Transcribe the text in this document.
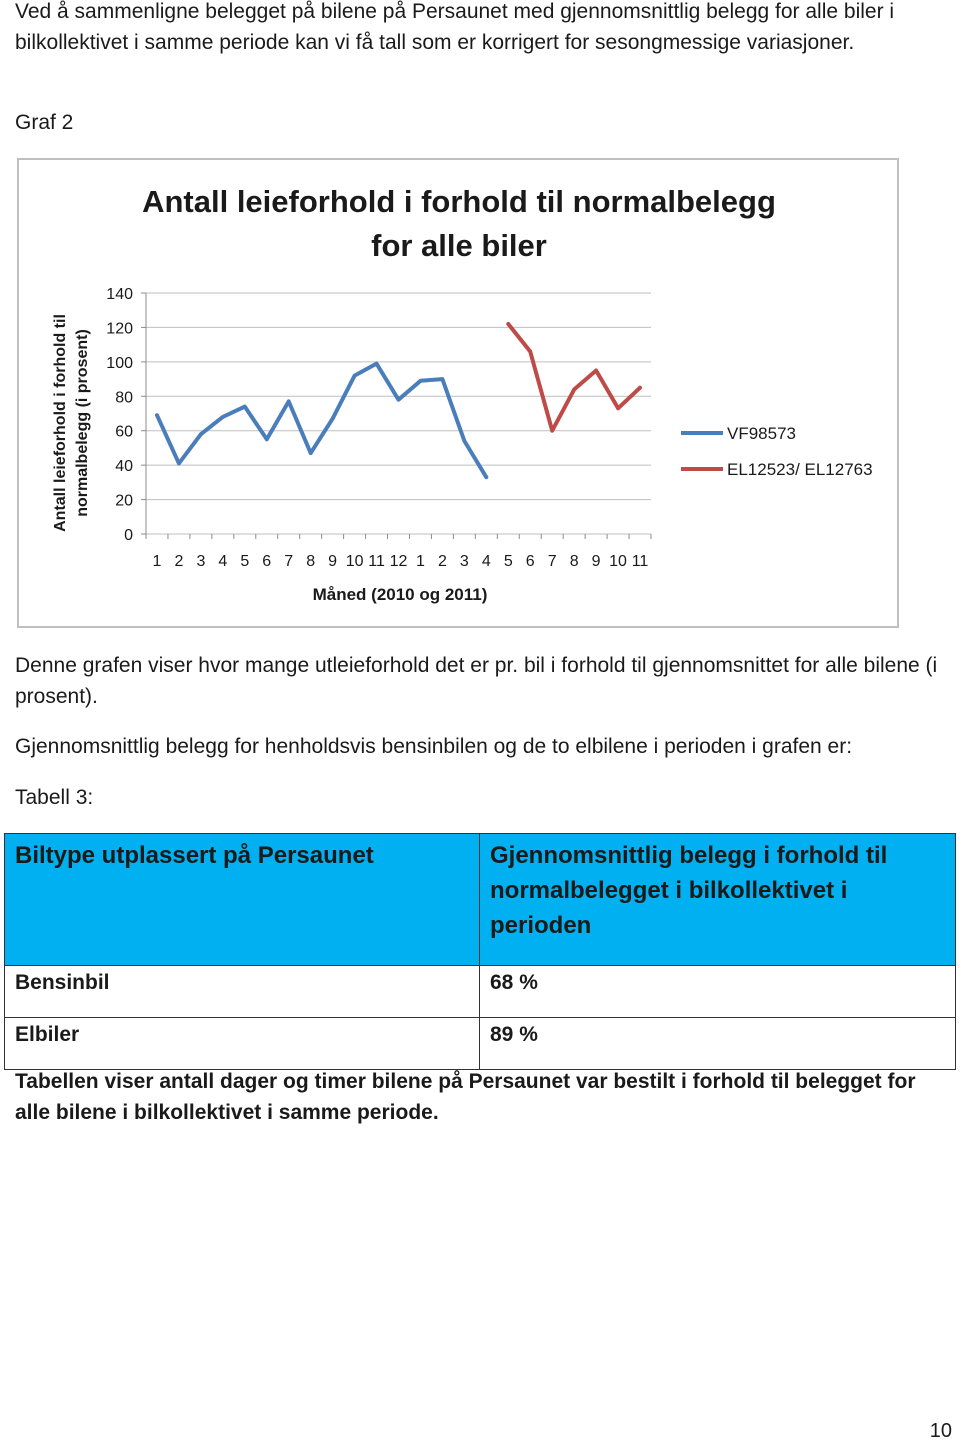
Ved å sammenligne belegget på bilene på Persaunet med gjennomsnittlig belegg for alle biler i bilkollektivet i samme periode kan vi få tall som er korrigert for sesongmessige variasjoner.
Graf 2
Antall leieforhold i forhold til normalbelegg
for alle biler
Antall leieforhold i forhold til normalbelegg (i prosent)
0
20
40
60
80
100
120
140
1 2 3 4 5 6 7 8 9 10 11 12 1 2 3 4 5 6 7 8 9 10 11
Måned (2010 og 2011)
VF98573
EL12523/ EL12763
Denne grafen viser hvor mange utleieforhold det er pr. bil i forhold til gjennomsnittet for alle bilene (i prosent).
Gjennomsnittlig belegg for henholdsvis bensinbilen og de to elbilene i perioden i grafen er:
Tabell 3:
Biltype utplassert på Persaunet	Gjennomsnittlig belegg i forhold til normalbelegget i bilkollektivet i perioden
Bensinbil	68 %
Elbiler	89 %
Tabellen viser antall dager og timer bilene på Persaunet var bestilt i forhold til belegget for alle bilene i bilkollektivet i samme periode.
10
